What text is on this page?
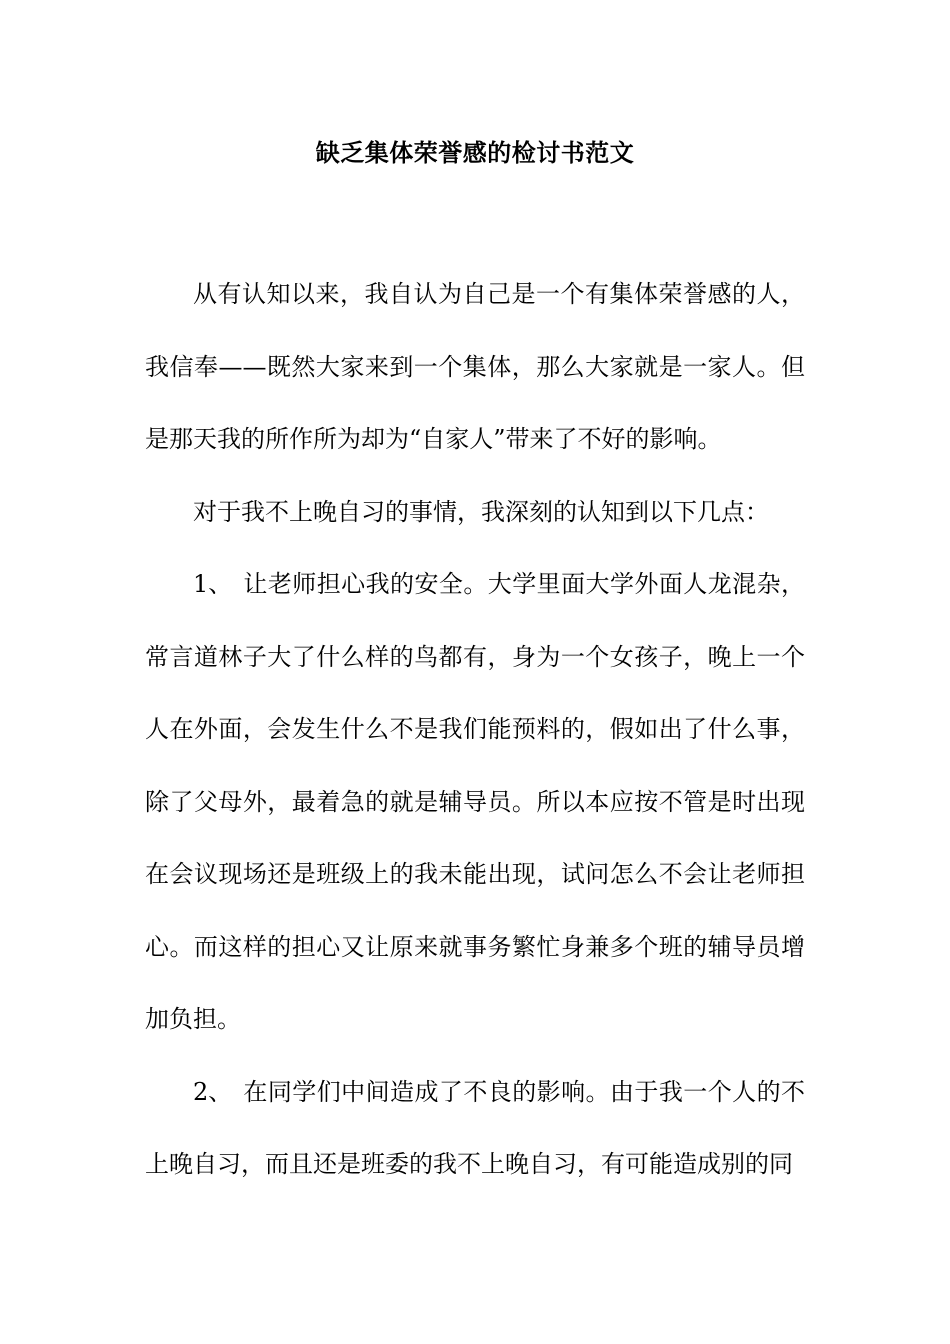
缺乏集体荣誉感的检讨书范文

从有认知以来，我自认为自己是一个有集体荣誉感的人，我信奉——既然大家来到一个集体，那么大家就是一家人。但是那天我的所作所为却为“自家人”带来了不好的影响。

对于我不上晚自习的事情，我深刻的认知到以下几点：

1、 让老师担心我的安全。大学里面大学外面人龙混杂，常言道林子大了什么样的鸟都有，身为一个女孩子，晚上一个人在外面，会发生什么不是我们能预料的，假如出了什么事，除了父母外，最着急的就是辅导员。所以本应按不管是时出现在会议现场还是班级上的我未能出现，试问怎么不会让老师担心。而这样的担心又让原来就事务繁忙身兼多个班的辅导员增加负担。

2、 在同学们中间造成了不良的影响。由于我一个人的不上晚自习，而且还是班委的我不上晚自习，有可能造成别的同
